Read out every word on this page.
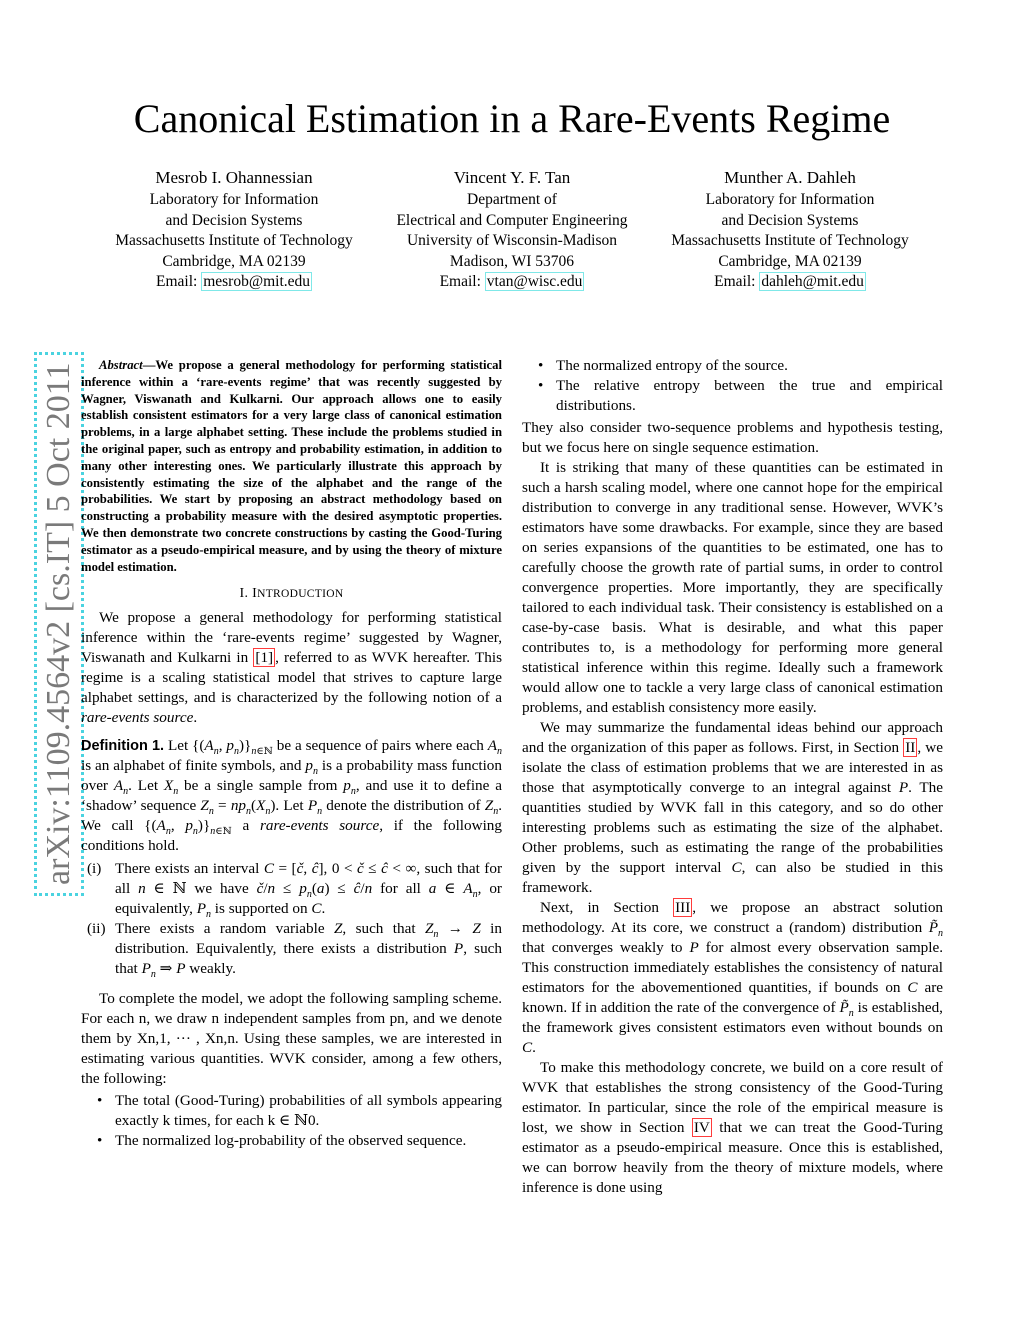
Canonical Estimation in a Rare-Events Regime
Mesrob I. Ohannessian
Laboratory for Information
and Decision Systems
Massachusetts Institute of Technology
Cambridge, MA 02139
Email: mesrob@mit.edu
Vincent Y. F. Tan
Department of
Electrical and Computer Engineering
University of Wisconsin-Madison
Madison, WI 53706
Email: vtan@wisc.edu
Munther A. Dahleh
Laboratory for Information
and Decision Systems
Massachusetts Institute of Technology
Cambridge, MA 02139
Email: dahleh@mit.edu
arXiv:1109.4564v2 [cs.IT] 5 Oct 2011	Abstract—We propose a general methodology for performing statistical inference within a ‘rare-events regime’ that was recently suggested by Wagner, Viswanath and Kulkarni. Our approach allows one to easily establish consistent estimators for a very large class of canonical estimation problems, in a large alphabet setting. These include the problems studied in the original paper, such as entropy and probability estimation, in addition to many other interesting ones. We particularly illustrate this approach by consistently estimating the size of the alphabet and the range of the probabilities. We start by proposing an abstract methodology based on constructing a probability measure with the desired asymptotic properties. We then demonstrate two concrete constructions by casting the Good-Turing estimator as a pseudo-empirical measure, and by using the theory of mixture model estimation.

I. INTRODUCTION

We propose a general methodology for performing statistical inference within the ‘rare-events regime’ suggested by Wagner, Viswanath and Kulkarni in [1] , referred to as WVK hereafter. This regime is a scaling statistical model that strives to capture large alphabet settings, and is characterized by the following notion of a rare-events source.

Definition 1. Let {($A_n$, $p_n)\}_{n\in ℕ}$ be a sequence of pairs where each $A_n$ is an alphabet of finite symbols, and $p_n$ is a probability mass function over $A_n$. Let $X_n$ be a single sample from $p_n$, and use it to define a ‘shadow’ sequence $Z_n = np_n(X_n)$. Let $P_n$ denote the distribution of $Z_n$. We call {($A_n$, $p_n)\}_{n\in ℕ}$ a rare-events source, if the following conditions hold.

(i) There exists an interval C = [č, ĉ], 0 < č ≤ ĉ < ∞, such that for all n ∈ ℕ we have č/n ≤ $p_n(a)$ ≤ ĉ/n for all a ∈ $A_n$, or equivalently, $P_n$ is supported on C.
(ii) There exists a random variable Z, such that $Z_n \to Z$ in distribution. Equivalently, there exists a distribution P, such that $P_n$ ⇒ P weakly.

To complete the model, we adopt the following sampling scheme. For each n, we draw n independent samples from pn, and we denote them by Xn,1, ··· , Xn,n. Using these samples, we are interested in estimating various quantities. WVK consider, among a few others, the following:

• The total (Good-Turing) probabilities of all symbols appearing exactly k times, for each k ∈ ℕ0.
• The normalized log-probability of the observed sequence.
• The normalized entropy of the source.
• The relative entropy between the true and empirical distributions.

They also consider two-sequence problems and hypothesis testing, but we focus here on single sequence estimation.

It is striking that many of these quantities can be estimated in such a harsh scaling model, where one cannot hope for the empirical distribution to converge in any traditional sense. However, WVK’s estimators have some drawbacks. For example, since they are based on series expansions of the quantities to be estimated, one has to carefully choose the growth rate of partial sums, in order to control convergence properties. More importantly, they are specifically tailored to each individual task. Their consistency is established on a case-by-case basis. What is desirable, and what this paper contributes to, is a methodology for performing more general statistical inference within this regime. Ideally such a framework would allow one to tackle a very large class of canonical estimation problems, and establish consistency more easily.

We may summarize the fundamental ideas behind our approach and the organization of this paper as follows. First, in Section II , we isolate the class of estimation problems that we are interested in as those that asymptotically converge to an integral against P. The quantities studied by WVK fall in this category, and so do other interesting problems such as estimating the size of the alphabet. Other problems, such as estimating the range of the probabilities given by the support interval C, can also be studied in this framework.

Next, in Section III , we propose an abstract solution methodology. At its core, we construct a (random) distribution $P̃_n$ that converges weakly to P for almost every observation sample. This construction immediately establishes the consistency of natural estimators for the abovementioned quantities, if bounds on C are known. If in addition the rate of the convergence of $P̃_n$ is established, the framework gives consistent estimators even without bounds on C.

To make this methodology concrete, we build on a core result of WVK that establishes the strong consistency of the Good-Turing estimator. In particular, since the role of the empirical measure is lost, we show in Section IV that we can treat the Good-Turing estimator as a pseudo-empirical measure. Once this is established, we can borrow heavily from the theory of mixture models, where inference is done using
